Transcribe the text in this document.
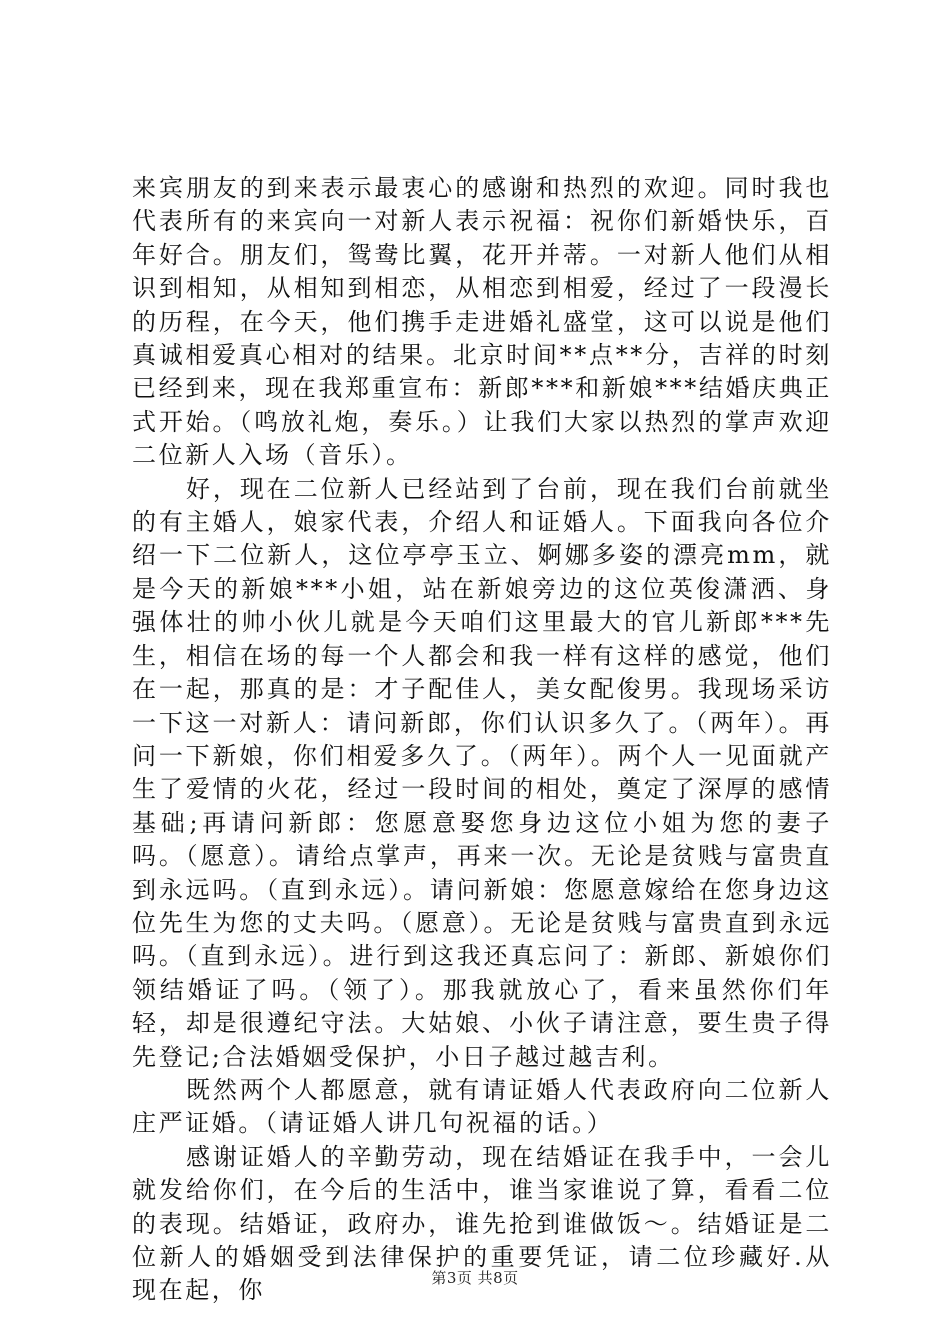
来宾朋友的到来表示最衷心的感谢和热烈的欢迎。同时我也代表所有的来宾向一对新人表示祝福：祝你们新婚快乐，百年好合。朋友们，鸳鸯比翼，花开并蒂。一对新人他们从相识到相知，从相知到相恋，从相恋到相爱，经过了一段漫长的历程，在今天，他们携手走进婚礼盛堂，这可以说是他们真诚相爱真心相对的结果。北京时间**点**分，吉祥的时刻已经到来，现在我郑重宣布：新郎***和新娘***结婚庆典正式开始。（鸣放礼炮，奏乐。）让我们大家以热烈的掌声欢迎二位新人入场（音乐）。

好，现在二位新人已经站到了台前，现在我们台前就坐的有主婚人，娘家代表，介绍人和证婚人。下面我向各位介绍一下二位新人，这位亭亭玉立、婀娜多姿的漂亮mm，就是今天的新娘***小姐，站在新娘旁边的这位英俊潇洒、身强体壮的帅小伙儿就是今天咱们这里最大的官儿新郎***先生，相信在场的每一个人都会和我一样有这样的感觉，他们在一起，那真的是：才子配佳人，美女配俊男。我现场采访一下这一对新人：请问新郎，你们认识多久了。（两年）。再问一下新娘，你们相爱多久了。（两年）。两个人一见面就产生了爱情的火花，经过一段时间的相处，奠定了深厚的感情基础;再请问新郎：您愿意娶您身边这位小姐为您的妻子吗。（愿意）。请给点掌声，再来一次。无论是贫贱与富贵直到永远吗。（直到永远）。请问新娘：您愿意嫁给在您身边这位先生为您的丈夫吗。（愿意）。无论是贫贱与富贵直到永远吗。（直到永远）。进行到这我还真忘问了：新郎、新娘你们领结婚证了吗。（领了）。那我就放心了，看来虽然你们年轻，却是很遵纪守法。大姑娘、小伙子请注意，要生贵子得先登记;合法婚姻受保护，小日子越过越吉利。

既然两个人都愿意，就有请证婚人代表政府向二位新人庄严证婚。（请证婚人讲几句祝福的话。）

感谢证婚人的辛勤劳动，现在结婚证在我手中，一会儿就发给你们，在今后的生活中，谁当家谁说了算，看看二位的表现。结婚证，政府办，谁先抢到谁做饭～。结婚证是二位新人的婚姻受到法律保护的重要凭证，请二位珍藏好.从现在起，你	第3页 共8页
